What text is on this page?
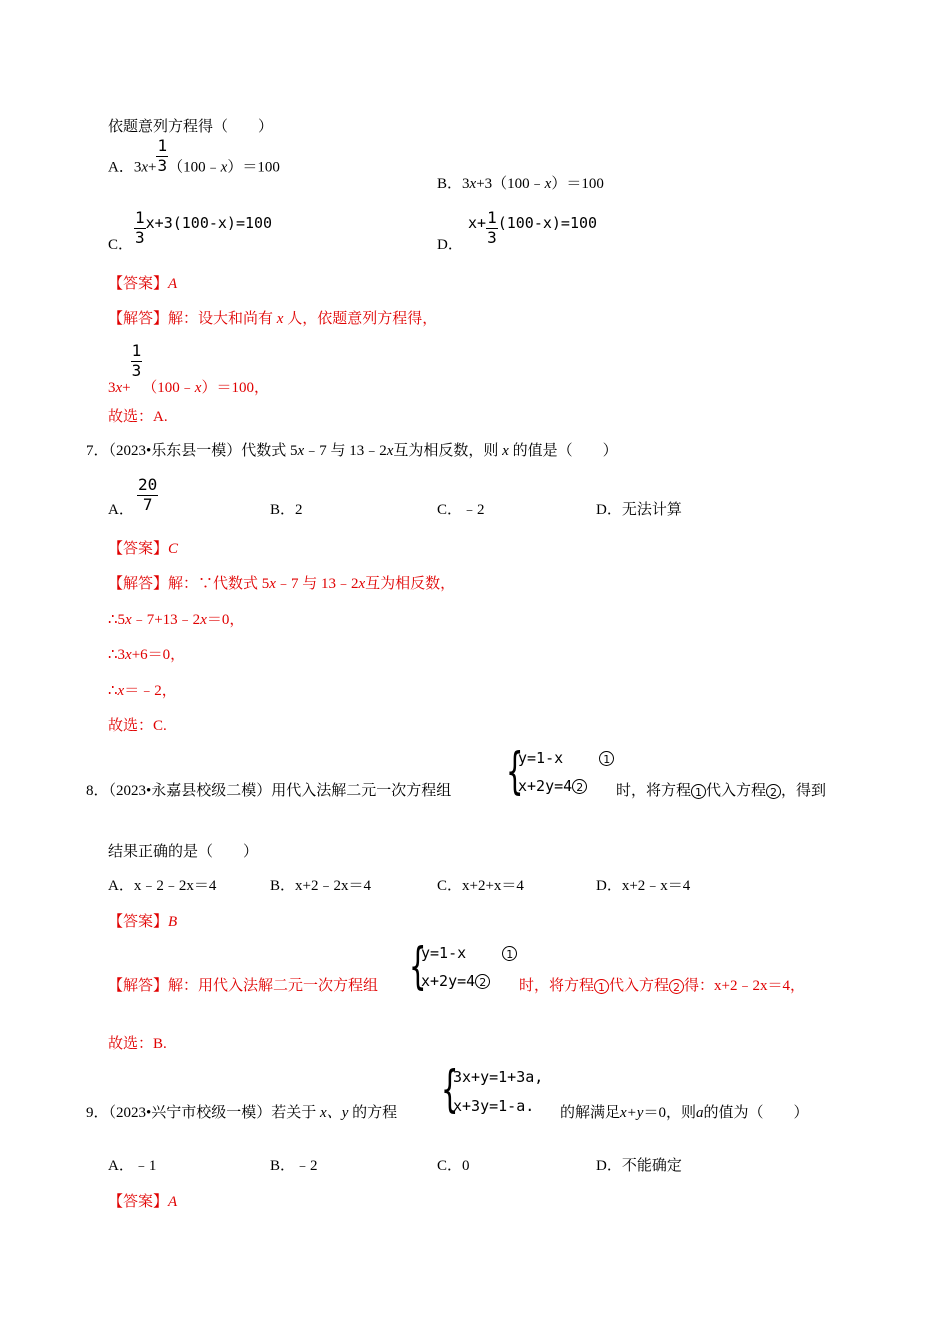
依题意列方程得（　　）
A．$3x+ \frac{1}{3}$ （100﹣x）＝100
B．3x+3（100﹣x）＝100
C． $\frac{1}{3} x+3(100-x)=100$
D．
$x+ \frac{1}{3} (100-x)=100$
【答案】A
【解答】解：设大和尚有 x 人，依题意列方程得，
3x+
$\frac{1}{3}$
（100﹣x）＝100，
故选：A.
7．（2023•乐东县一模）代数式 5x﹣7 与 13﹣2x互为相反数，则 x 的值是（　　）
A． $\frac{20}{7}$	B．2	C．﹣2	D．无法计算
【答案】C
【解答】解：∵代数式 5x﹣7 与 13﹣2x互为相反数，
∴5x﹣7+13﹣2x＝0，
∴3x+6＝0，
∴x＝﹣2，
故选：C.
8．（2023•永嘉县校级二模）用代入法解二元一次方程组 {
y=1-x	1
x+2y=4 2 时，将方程 1 代入方程 2 ，得到
结果正确的是（　　）
A．x﹣2﹣2x＝4	B．x+2﹣2x＝4	C．x+2+x＝4	D．x+2﹣x＝4
【答案】B
【解答】解：用代入法解二元一次方程组 {
y=1-x	1
x+2y=4 2 时，将方程 1 代入方程 2 得：x+2﹣2x＝4，
故选：B.
9．（2023•兴宁市校级一模）若关于 x、y 的方程 {
3x+y=1+3a,
x+3y=1-a. 的解满足x+y＝0，则a的值为（　　）
A．﹣1	B．﹣2	C．0	D．不能确定
【答案】A
